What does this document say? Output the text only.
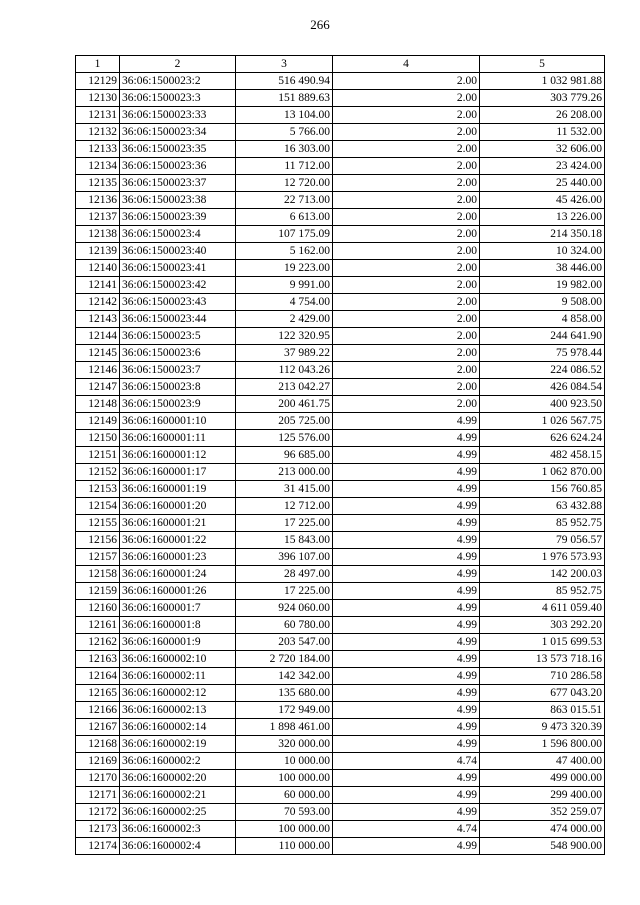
266
1	2	3	4	5
12129	36:06:1500023:2	516 490.94	2.00	1 032 981.88
12130	36:06:1500023:3	151 889.63	2.00	303 779.26
12131	36:06:1500023:33	13 104.00	2.00	26 208.00
12132	36:06:1500023:34	5 766.00	2.00	11 532.00
12133	36:06:1500023:35	16 303.00	2.00	32 606.00
12134	36:06:1500023:36	11 712.00	2.00	23 424.00
12135	36:06:1500023:37	12 720.00	2.00	25 440.00
12136	36:06:1500023:38	22 713.00	2.00	45 426.00
12137	36:06:1500023:39	6 613.00	2.00	13 226.00
12138	36:06:1500023:4	107 175.09	2.00	214 350.18
12139	36:06:1500023:40	5 162.00	2.00	10 324.00
12140	36:06:1500023:41	19 223.00	2.00	38 446.00
12141	36:06:1500023:42	9 991.00	2.00	19 982.00
12142	36:06:1500023:43	4 754.00	2.00	9 508.00
12143	36:06:1500023:44	2 429.00	2.00	4 858.00
12144	36:06:1500023:5	122 320.95	2.00	244 641.90
12145	36:06:1500023:6	37 989.22	2.00	75 978.44
12146	36:06:1500023:7	112 043.26	2.00	224 086.52
12147	36:06:1500023:8	213 042.27	2.00	426 084.54
12148	36:06:1500023:9	200 461.75	2.00	400 923.50
12149	36:06:1600001:10	205 725.00	4.99	1 026 567.75
12150	36:06:1600001:11	125 576.00	4.99	626 624.24
12151	36:06:1600001:12	96 685.00	4.99	482 458.15
12152	36:06:1600001:17	213 000.00	4.99	1 062 870.00
12153	36:06:1600001:19	31 415.00	4.99	156 760.85
12154	36:06:1600001:20	12 712.00	4.99	63 432.88
12155	36:06:1600001:21	17 225.00	4.99	85 952.75
12156	36:06:1600001:22	15 843.00	4.99	79 056.57
12157	36:06:1600001:23	396 107.00	4.99	1 976 573.93
12158	36:06:1600001:24	28 497.00	4.99	142 200.03
12159	36:06:1600001:26	17 225.00	4.99	85 952.75
12160	36:06:1600001:7	924 060.00	4.99	4 611 059.40
12161	36:06:1600001:8	60 780.00	4.99	303 292.20
12162	36:06:1600001:9	203 547.00	4.99	1 015 699.53
12163	36:06:1600002:10	2 720 184.00	4.99	13 573 718.16
12164	36:06:1600002:11	142 342.00	4.99	710 286.58
12165	36:06:1600002:12	135 680.00	4.99	677 043.20
12166	36:06:1600002:13	172 949.00	4.99	863 015.51
12167	36:06:1600002:14	1 898 461.00	4.99	9 473 320.39
12168	36:06:1600002:19	320 000.00	4.99	1 596 800.00
12169	36:06:1600002:2	10 000.00	4.74	47 400.00
12170	36:06:1600002:20	100 000.00	4.99	499 000.00
12171	36:06:1600002:21	60 000.00	4.99	299 400.00
12172	36:06:1600002:25	70 593.00	4.99	352 259.07
12173	36:06:1600002:3	100 000.00	4.74	474 000.00
12174	36:06:1600002:4	110 000.00	4.99	548 900.00
